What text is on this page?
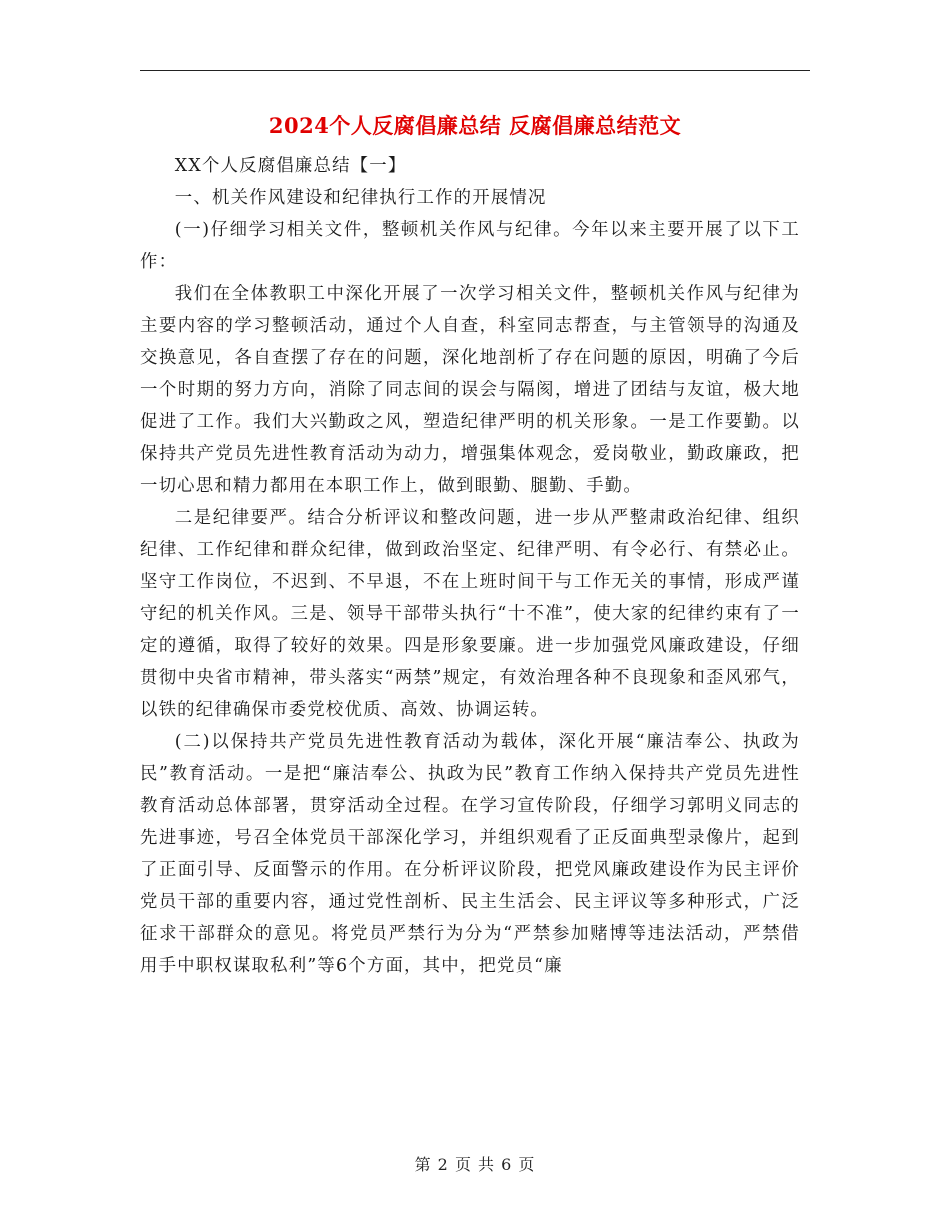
2024个人反腐倡廉总结 反腐倡廉总结范文

XX个人反腐倡廉总结【一】

一、机关作风建设和纪律执行工作的开展情况

(一)仔细学习相关文件，整顿机关作风与纪律。今年以来主要开展了以下工作：

我们在全体教职工中深化开展了一次学习相关文件，整顿机关作风与纪律为主要内容的学习整顿活动，通过个人自查，科室同志帮查，与主管领导的沟通及交换意见，各自查摆了存在的问题，深化地剖析了存在问题的原因，明确了今后一个时期的努力方向，消除了同志间的误会与隔阂，增进了团结与友谊，极大地促进了工作。我们大兴勤政之风，塑造纪律严明的机关形象。一是工作要勤。以保持共产党员先进性教育活动为动力，增强集体观念，爱岗敬业，勤政廉政，把一切心思和精力都用在本职工作上，做到眼勤、腿勤、手勤。

二是纪律要严。结合分析评议和整改问题，进一步从严整肃政治纪律、组织纪律、工作纪律和群众纪律，做到政治坚定、纪律严明、有令必行、有禁必止。坚守工作岗位，不迟到、不早退，不在上班时间干与工作无关的事情，形成严谨守纪的机关作风。三是、领导干部带头执行“十不准”，使大家的纪律约束有了一定的遵循，取得了较好的效果。四是形象要廉。进一步加强党风廉政建设，仔细贯彻中央省市精神，带头落实“两禁”规定，有效治理各种不良现象和歪风邪气，以铁的纪律确保市委党校优质、高效、协调运转。

(二)以保持共产党员先进性教育活动为载体，深化开展“廉洁奉公、执政为民”教育活动。一是把“廉洁奉公、执政为民”教育工作纳入保持共产党员先进性教育活动总体部署，贯穿活动全过程。在学习宣传阶段，仔细学习郭明义同志的先进事迹，号召全体党员干部深化学习，并组织观看了正反面典型录像片，起到了正面引导、反面警示的作用。在分析评议阶段，把党风廉政建设作为民主评价党员干部的重要内容，通过党性剖析、民主生活会、民主评议等多种形式，广泛征求干部群众的意见。将党员严禁行为分为“严禁参加赌博等违法活动，严禁借用手中职权谋取私利”等6个方面，其中，把党员“廉

第 2 页 共 6 页
